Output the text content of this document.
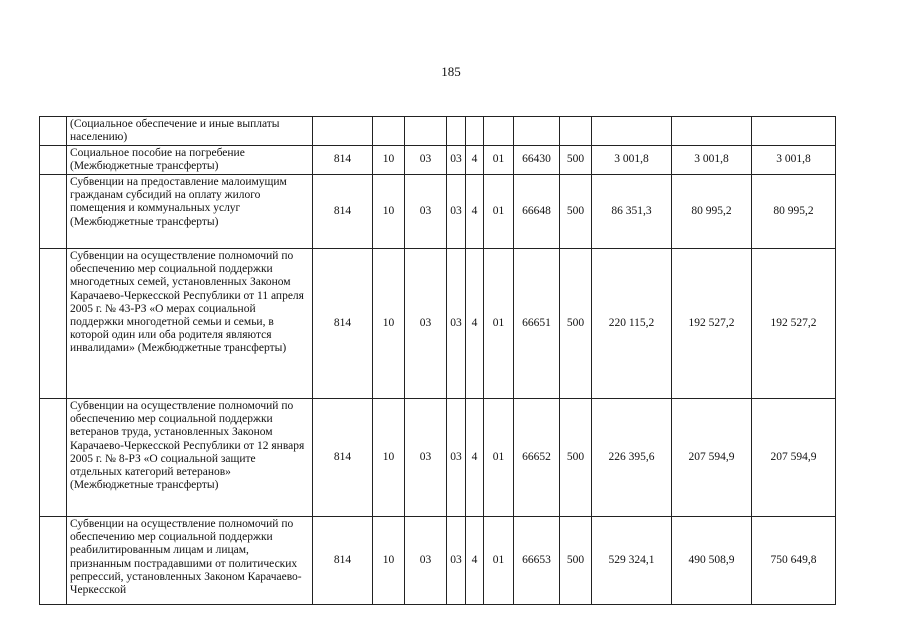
185
	(Социальное обеспечение и иные выплаты населению)											
	Социальное пособие на погребение (Межбюджетные трансферты)	814	10	03	03	4	01	66430	500	3 001,8	3 001,8	3 001,8
	Субвенции на предоставление малоимущим гражданам субсидий на оплату жилого помещения и коммунальных услуг (Межбюджетные трансферты)	814	10	03	03	4	01	66648	500	86 351,3	80 995,2	80 995,2
	Субвенции на осуществление полномочий по обеспечению мер социальной поддержки многодетных семей, установленных Законом Карачаево-Черкесской Республики от 11 апреля 2005 г. № 43-РЗ «О мерах социальной поддержки многодетной семьи и семьи, в которой один или оба родителя являются инвалидами» (Межбюджетные трансферты)	814	10	03	03	4	01	66651	500	220 115,2	192 527,2	192 527,2
	Субвенции на осуществление полномочий по обеспечению мер социальной поддержки ветеранов труда, установленных Законом Карачаево-Черкесской Республики от 12 января 2005 г. № 8-РЗ «О социальной защите отдельных категорий ветеранов» (Межбюджетные трансферты)	814	10	03	03	4	01	66652	500	226 395,6	207 594,9	207 594,9
	Субвенции на осуществление полномочий по обеспечению мер социальной поддержки реабилитированным лицам и лицам, признанным пострадавшими от политических репрессий, установленных Законом Карачаево-Черкесской	814	10	03	03	4	01	66653	500	529 324,1	490 508,9	750 649,8
